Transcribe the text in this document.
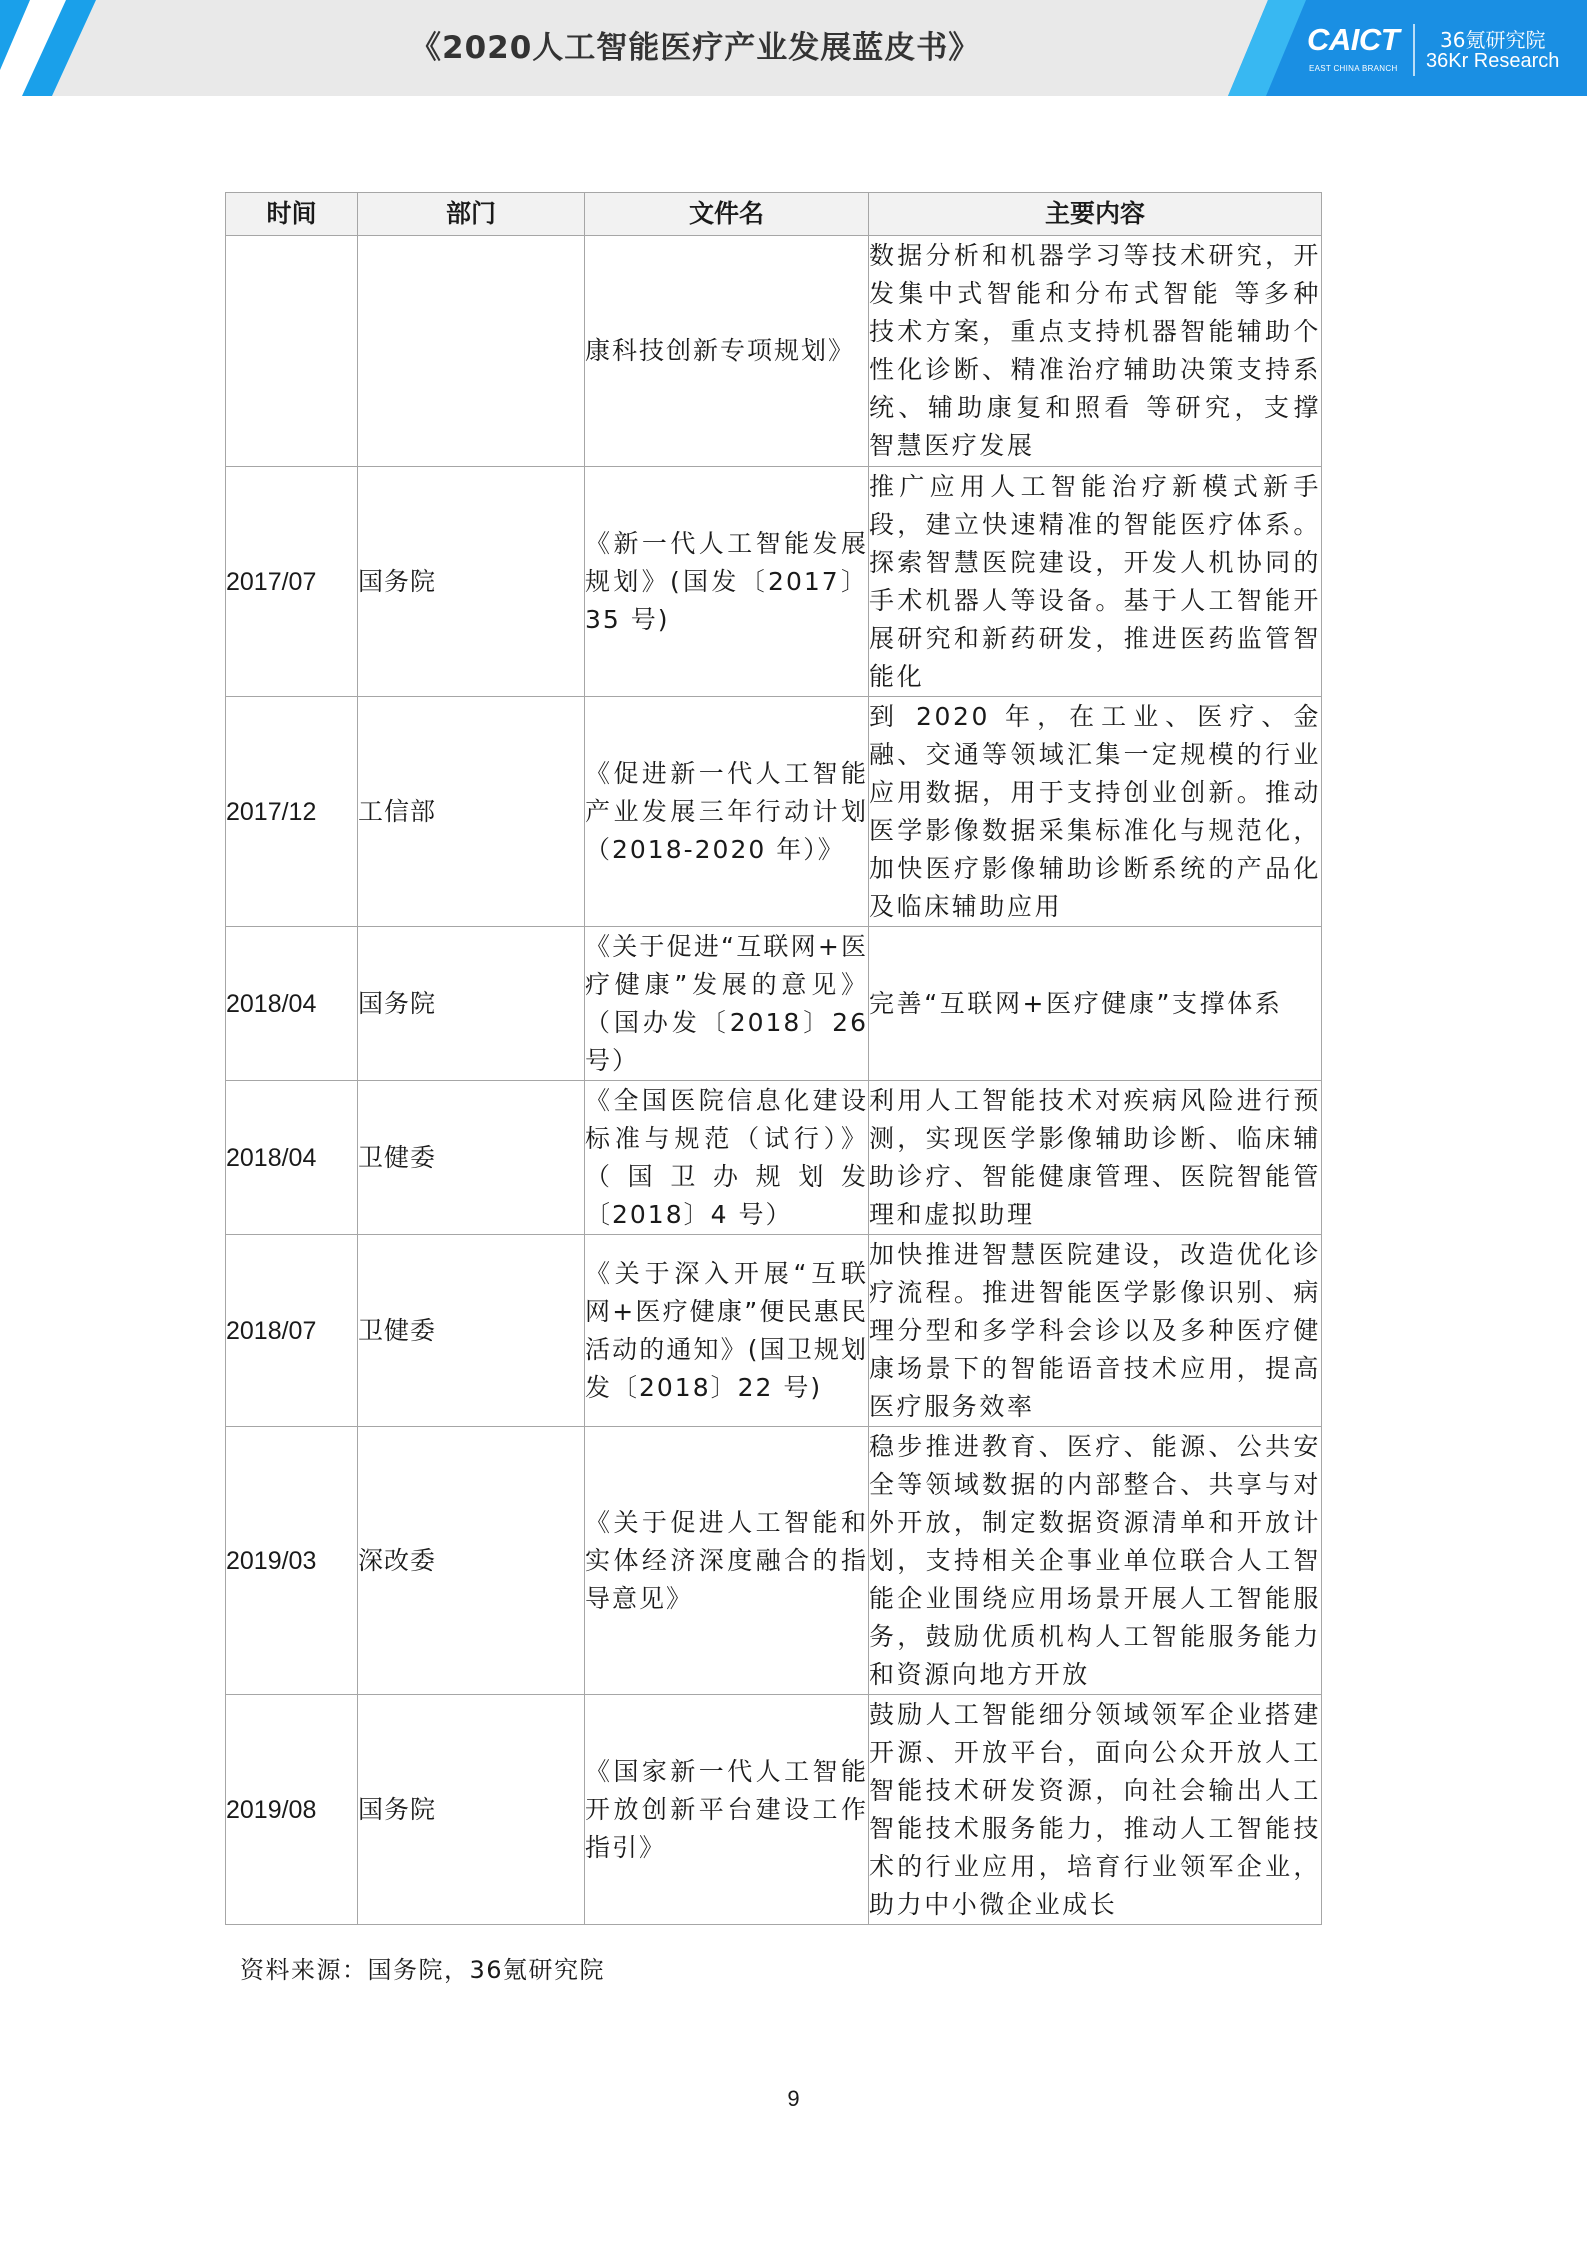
《2020人工智能医疗产业发展蓝皮书》	CAICT
EAST CHINA BRANCH
36氪研究院
36Kr Research
时间	部门	文件名	主要内容
		康科技创新专项规划》	数据分析和机器学习等技术研究，开发集中式智能和分布式智能 等多种技术方案，重点支持机器智能辅助个性化诊断、精准治疗辅助决策支持系统、辅助康复和照看 等研究，支撑智慧医疗发展
2017/07	国务院	《新一代人工智能发展规划》(国发〔2017〕35 号)	推广应用人工智能治疗新模式新手段，建立快速精准的智能医疗体系。探索智慧医院建设，开发人机协同的手术机器人等设备。基于人工智能开展研究和新药研发，推进医药监管智能化
2017/12	工信部	《促进新一代人工智能产业发展三年行动计划（2018-2020 年）》	到 2020 年，在工业、医疗、金融、交通等领域汇集一定规模的行业应用数据，用于支持创业创新。推动医学影像数据采集标准化与规范化，加快医疗影像辅助诊断系统的产品化及临床辅助应用
2018/04	国务院	《关于促进“互联网+医疗健康”发展的意见》（国办发〔2018〕26 号）	完善“互联网+医疗健康”支撑体系
2018/04	卫健委	《全国医院信息化建设标准与规范（试行）》（国卫办规划发〔2018〕4 号）	利用人工智能技术对疾病风险进行预测，实现医学影像辅助诊断、临床辅助诊疗、智能健康管理、医院智能管理和虚拟助理
2018/07	卫健委	《关于深入开展“互联网+医疗健康”便民惠民活动的通知》(国卫规划发〔2018〕22 号)	加快推进智慧医院建设，改造优化诊疗流程。推进智能医学影像识别、病理分型和多学科会诊以及多种医疗健康场景下的智能语音技术应用，提高医疗服务效率
2019/03	深改委	《关于促进人工智能和实体经济深度融合的指导意见》	稳步推进教育、医疗、能源、公共安全等领域数据的内部整合、共享与对外开放，制定数据资源清单和开放计划，支持相关企事业单位联合人工智能企业围绕应用场景开展人工智能服务，鼓励优质机构人工智能服务能力和资源向地方开放
2019/08	国务院	《国家新一代人工智能开放创新平台建设工作指引》	鼓励人工智能细分领域领军企业搭建开源、开放平台，面向公众开放人工智能技术研发资源，向社会输出人工智能技术服务能力，推动人工智能技术的行业应用，培育行业领军企业，助力中小微企业成长
资料来源：国务院，36氪研究院
9
